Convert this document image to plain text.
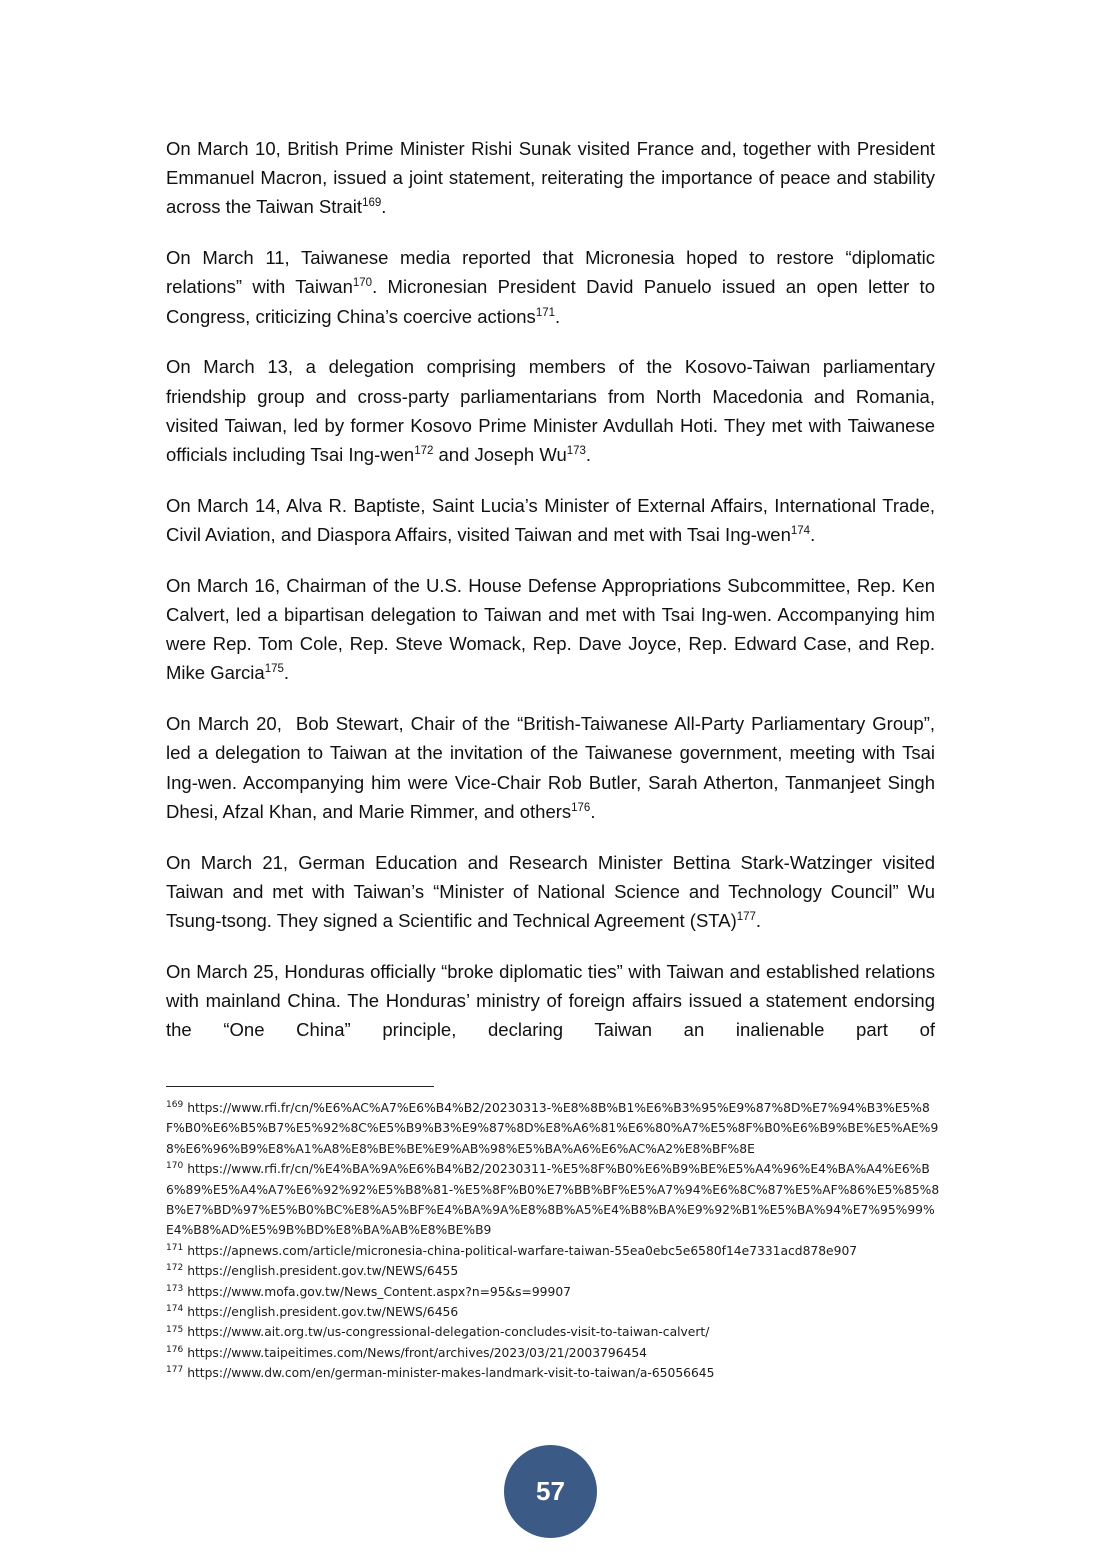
On March 10, British Prime Minister Rishi Sunak visited France and, together with President Emmanuel Macron, issued a joint statement, reiterating the importance of peace and stability across the Taiwan Strait$^{169}$.

On March 11, Taiwanese media reported that Micronesia hoped to restore “diplomatic relations” with Taiwan$^{170}$. Micronesian President David Panuelo issued an open letter to Congress, criticizing China’s coercive actions$^{171}$.

On March 13, a delegation comprising members of the Kosovo-Taiwan parliamentary friendship group and cross-party parliamentarians from North Macedonia and Romania, visited Taiwan, led by former Kosovo Prime Minister Avdullah Hoti. They met with Taiwanese officials including Tsai Ing-wen$^{172}$ and Joseph Wu$^{173}$.

On March 14, Alva R. Baptiste, Saint Lucia’s Minister of External Affairs, International Trade, Civil Aviation, and Diaspora Affairs, visited Taiwan and met with Tsai Ing-wen$^{174}$.

On March 16, Chairman of the U.S. House Defense Appropriations Subcommittee, Rep. Ken Calvert, led a bipartisan delegation to Taiwan and met with Tsai Ing-wen. Accompanying him were Rep. Tom Cole, Rep. Steve Womack, Rep. Dave Joyce, Rep. Edward Case, and Rep. Mike Garcia$^{175}$.

On March 20,  Bob Stewart, Chair of the “British-Taiwanese All-Party Parliamentary Group”, led a delegation to Taiwan at the invitation of the Taiwanese government, meeting with Tsai Ing-wen. Accompanying him were Vice-Chair Rob Butler, Sarah Atherton, Tanmanjeet Singh Dhesi, Afzal Khan, and Marie Rimmer, and others$^{176}$.

On March 21, German Education and Research Minister Bettina Stark-Watzinger visited Taiwan and met with Taiwan’s “Minister of National Science and Technology Council” Wu Tsung-tsong. They signed a Scientific and Technical Agreement (STA)$^{177}$.

On March 25, Honduras officially “broke diplomatic ties” with Taiwan and established relations with mainland China. The Honduras’ ministry of foreign affairs issued a statement endorsing the “One China” principle, declaring Taiwan an inalienable part of

$^{169}$ https://www.rfi.fr/cn/%E6%AC%A7%E6%B4%B2/20230313-%E8%8B%B1%E6%B3%95%E9%87%8D%E7%94%B3%E5%8F%B0%E6%B5%B7%E5%92%8C%E5%B9%B3%E9%87%8D%E8%A6%81%E6%80%A7%E5%8F%B0%E6%B9%BE%E5%AE%98%E6%96%B9%E8%A1%A8%E8%BE%BE%E9%AB%98%E5%BA%A6%E6%AC%A2%E8%BF%8E

$^{170}$ https://www.rfi.fr/cn/%E4%BA%9A%E6%B4%B2/20230311-%E5%8F%B0%E6%B9%BE%E5%A4%96%E4%BA%A4%E6%B6%89%E5%A4%A7%E6%92%92%E5%B8%81-%E5%8F%B0%E7%BB%BF%E5%A7%94%E6%8C%87%E5%AF%86%E5%85%8B%E7%BD%97%E5%B0%BC%E8%A5%BF%E4%BA%9A%E8%8B%A5%E4%B8%BA%E9%92%B1%E5%BA%94%E7%95%99%E4%B8%AD%E5%9B%BD%E8%BA%AB%E8%BE%B9

$^{171}$ https://apnews.com/article/micronesia-china-political-warfare-taiwan-55ea0ebc5e6580f14e7331acd878e907

$^{172}$ https://english.president.gov.tw/NEWS/6455

$^{173}$ https://www.mofa.gov.tw/News_Content.aspx?n=95&s=99907

$^{174}$ https://english.president.gov.tw/NEWS/6456

$^{175}$ https://www.ait.org.tw/us-congressional-delegation-concludes-visit-to-taiwan-calvert/

$^{176}$ https://www.taipeitimes.com/News/front/archives/2023/03/21/2003796454

$^{177}$ https://www.dw.com/en/german-minister-makes-landmark-visit-to-taiwan/a-65056645

57
